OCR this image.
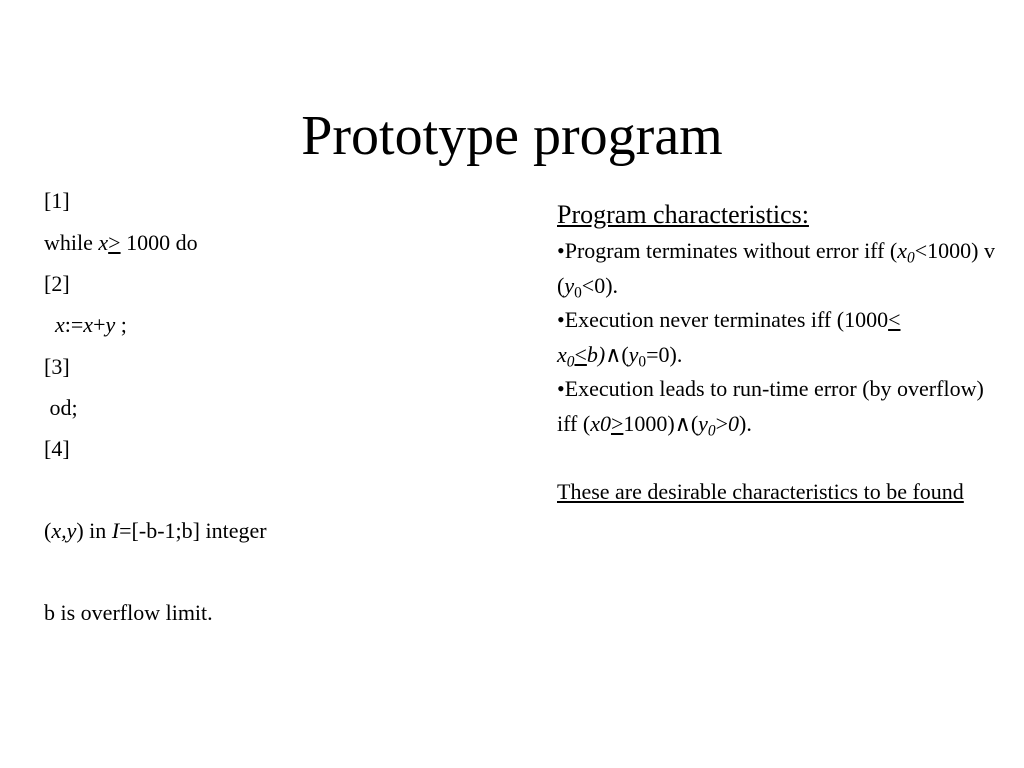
Prototype program
[1]
while x> 1000 do
[2]
x:=x+y ;
[3]
od;
[4]
(x,y) in I=[-b-1;b] integer
b is overflow limit.

Program characteristics:

•Program terminates without error iff $(x_0<1000)$ v $(y_0<0)$.

•Execution never terminates iff $(1000< x_0<b)\wedge(y_0=0)$.

•Execution leads to run-time error (by overflow) iff $(x0>1000)\wedge(y_0>0)$.

These are desirable characteristics to be found
